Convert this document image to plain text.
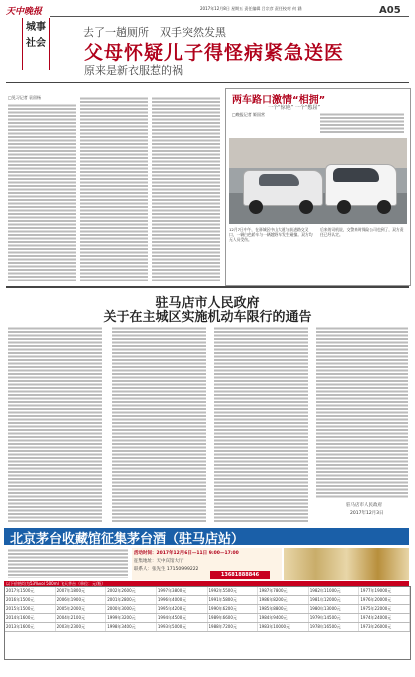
天中晚报	2017年12月8日 星期五 责任编辑 吕宗彦 责任校对 何 涵	A05
城事
社会
去了一趟厕所　双手突然发黑
父母怀疑儿子得怪病紧急送医
原来是新衣服惹的祸
□见习记者 袁留杨	两车路口激情“相拥”
一个“惊艳” 一个“憋屈”
□晚报记者 姬国营
12月7日中午，在驿城区中山大道与前进路交叉口，一辆白色轿车与一辆越野车发生碰撞。双方均无人员受伤。
后来的司机说，交警来时保险公司也到了，双方责任已经认定。
驻马店市人民政府
关于在主城区实施机动车限行的通告
驻马店市人民政府
2017年12月3日
北京茅台收藏馆征集茅台酒（驻马店站）
活动时间：2017年12月6日—11日 9:00—17:00
征集地址：天中宾馆大厅
联系人：张先生 17150999222
13681888846
以下价格均为53%vol 500ml 飞天茅台（单位：元/瓶）
2017年1500元	2007年1800元	2002年2600元	1997年3800元	1992年5500元	1987年7800元	1982年11000元	1977年19000元
2016年1500元	2006年1900元	2001年2800元	1996年4000元	1991年5800元	1986年8200元	1981年12000元	1976年20000元
2015年1500元	2005年2000元	2000年3000元	1995年4200元	1990年6200元	1985年8800元	1980年13000元	1975年22000元
2014年1600元	2004年2100元	1999年3200元	1994年4500元	1989年6600元	1984年9400元	1979年14500元	1974年24000元
2013年1600元	2003年2300元	1998年3400元	1993年5000元	1988年7200元	1983年10000元	1978年16500元	1973年26000元
